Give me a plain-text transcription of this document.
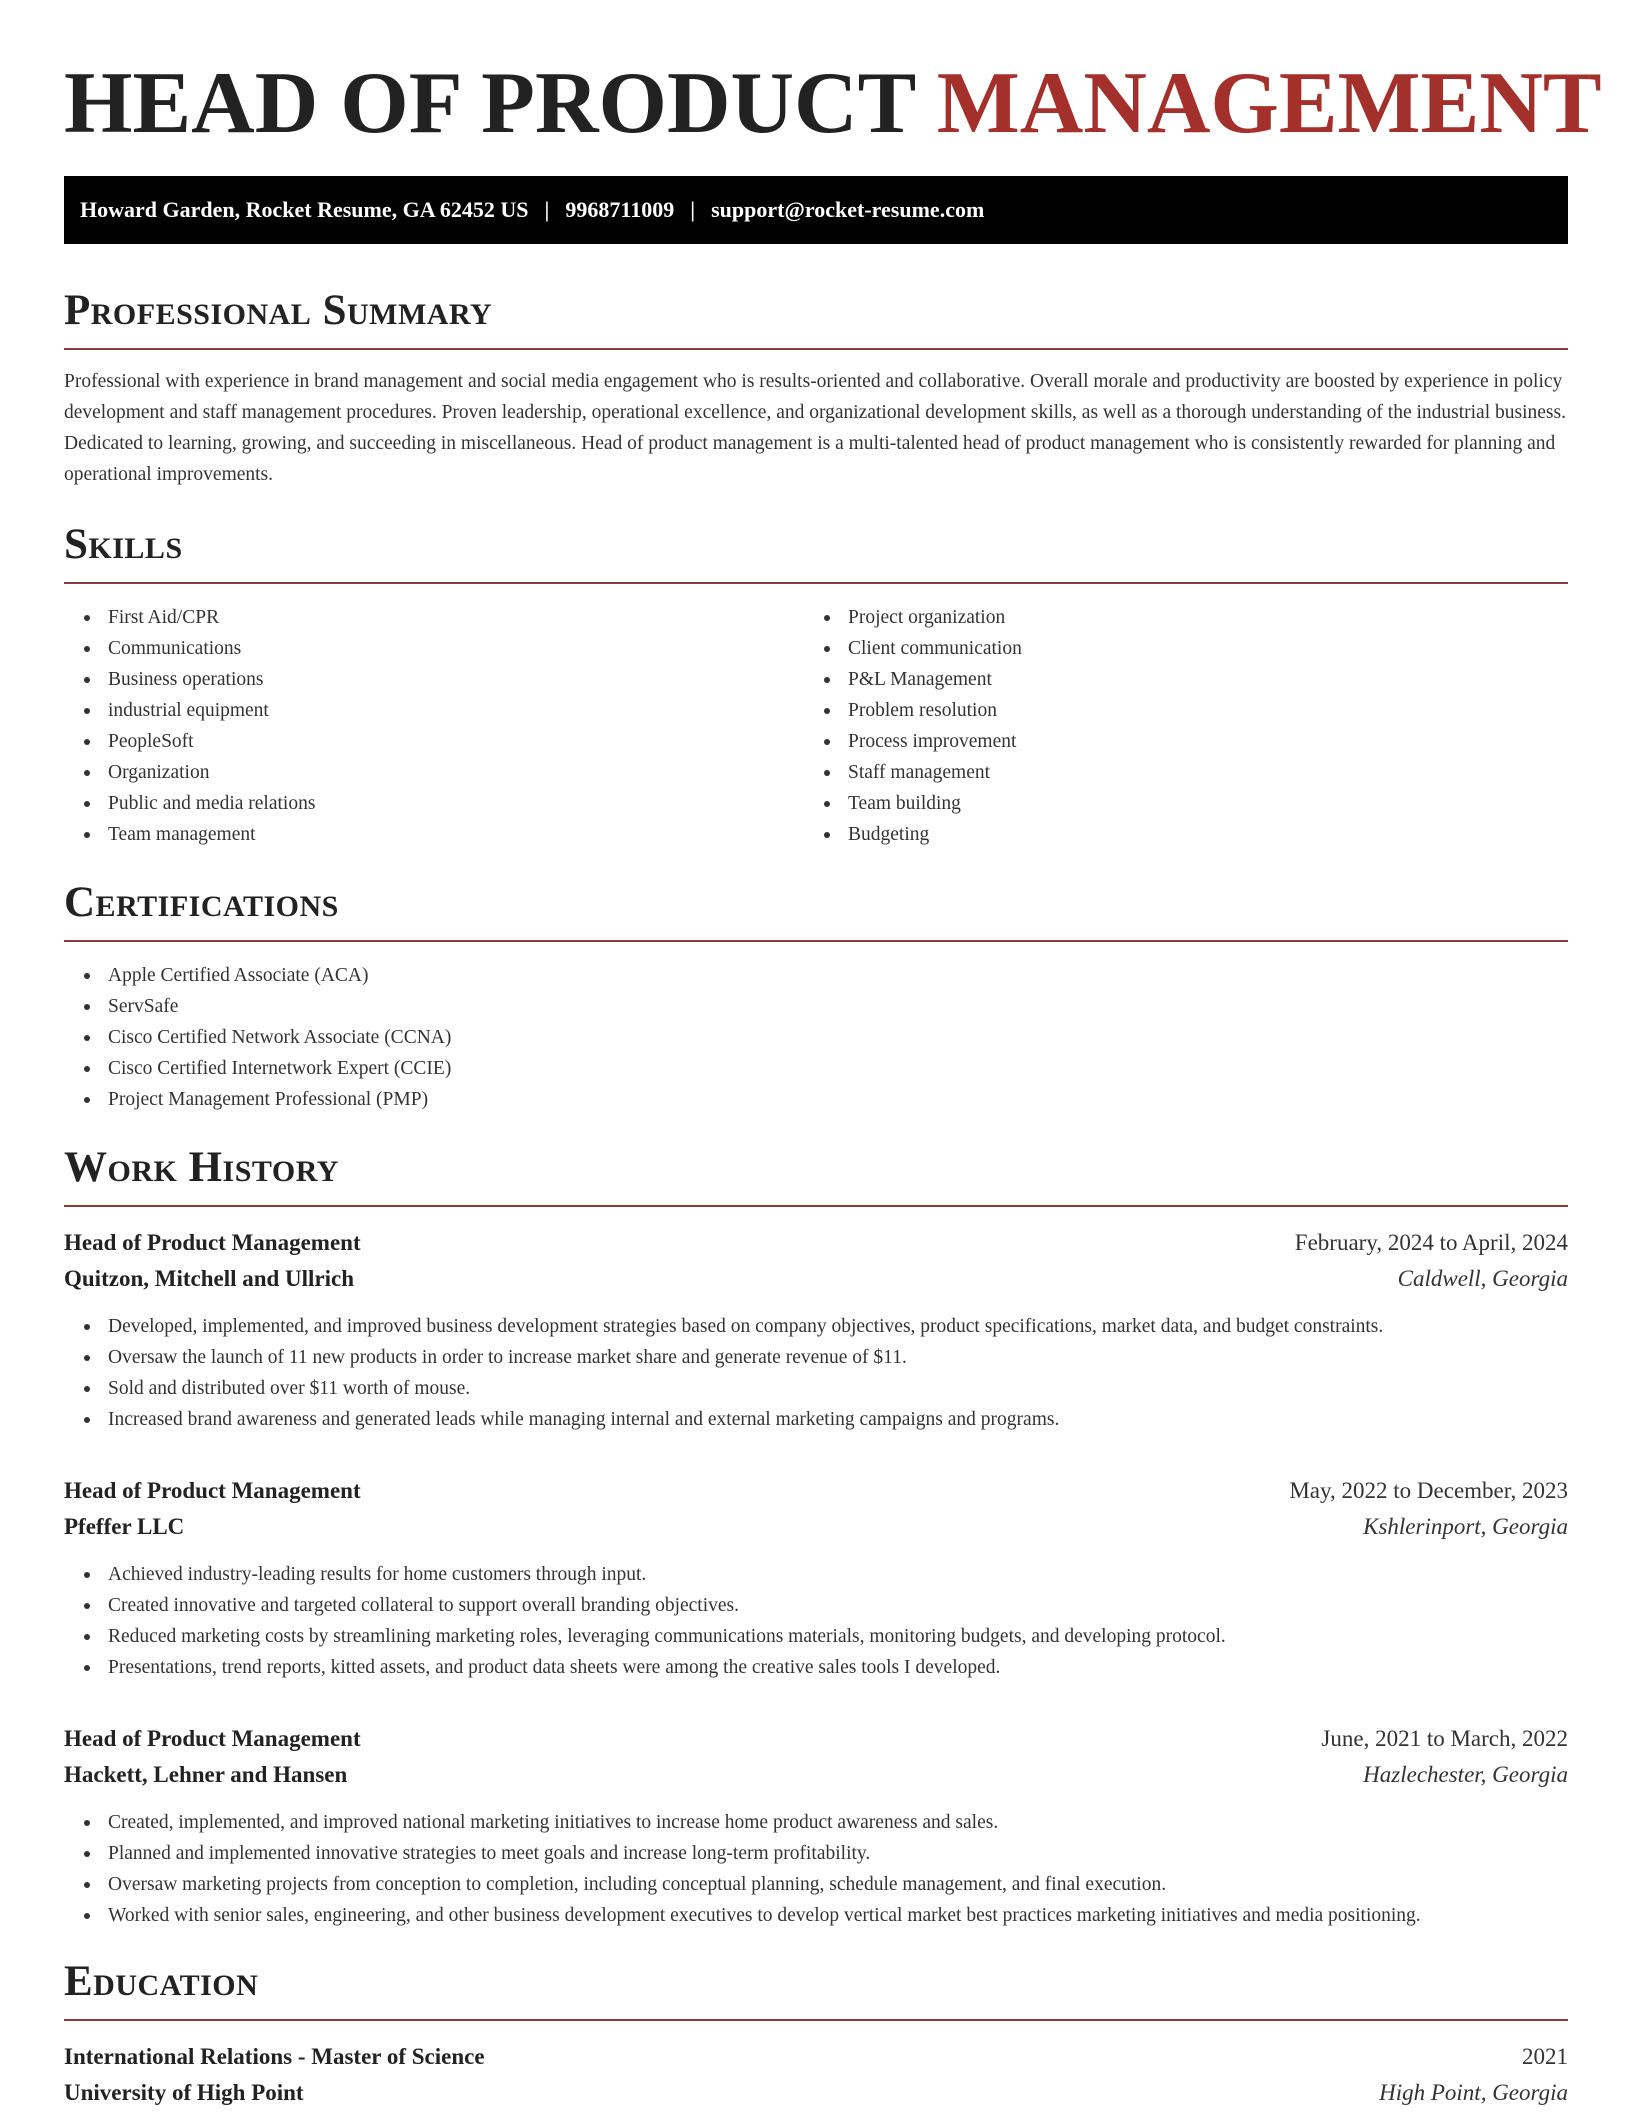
HEAD OF PRODUCT MANAGEMENT
Howard Garden, Rocket Resume, GA 62452 US | 9968711009 | support@rocket-resume.com
Professional Summary

Professional with experience in brand management and social media engagement who is results-oriented and collaborative. Overall morale and productivity are boosted by experience in policy development and staff management procedures. Proven leadership, operational excellence, and organizational development skills, as well as a thorough understanding of the industrial business. Dedicated to learning, growing, and succeeding in miscellaneous. Head of product management is a multi-talented head of product management who is consistently rewarded for planning and operational improvements.

Skills
First Aid/CPR
Communications
Business operations
industrial equipment
PeopleSoft
Organization
Public and media relations
Team management
Project organization
Client communication
P&L Management
Problem resolution
Process improvement
Staff management
Team building
Budgeting
Certifications
Apple Certified Associate (ACA)
ServSafe
Cisco Certified Network Associate (CCNA)
Cisco Certified Internetwork Expert (CCIE)
Project Management Professional (PMP)
Work History
Head of Product Management	February, 2024 to April, 2024
Quitzon, Mitchell and Ullrich	Caldwell, Georgia
Developed, implemented, and improved business development strategies based on company objectives, product specifications, market data, and budget constraints.
Oversaw the launch of 11 new products in order to increase market share and generate revenue of $11.
Sold and distributed over $11 worth of mouse.
Increased brand awareness and generated leads while managing internal and external marketing campaigns and programs.
Head of Product Management	May, 2022 to December, 2023
Pfeffer LLC	Kshlerinport, Georgia
Achieved industry-leading results for home customers through input.
Created innovative and targeted collateral to support overall branding objectives.
Reduced marketing costs by streamlining marketing roles, leveraging communications materials, monitoring budgets, and developing protocol.
Presentations, trend reports, kitted assets, and product data sheets were among the creative sales tools I developed.
Head of Product Management	June, 2021 to March, 2022
Hackett, Lehner and Hansen	Hazlechester, Georgia
Created, implemented, and improved national marketing initiatives to increase home product awareness and sales.
Planned and implemented innovative strategies to meet goals and increase long-term profitability.
Oversaw marketing projects from conception to completion, including conceptual planning, schedule management, and final execution.
Worked with senior sales, engineering, and other business development executives to develop vertical market best practices marketing initiatives and media positioning.
Education
International Relations - Master of Science	2021
University of High Point	High Point, Georgia
